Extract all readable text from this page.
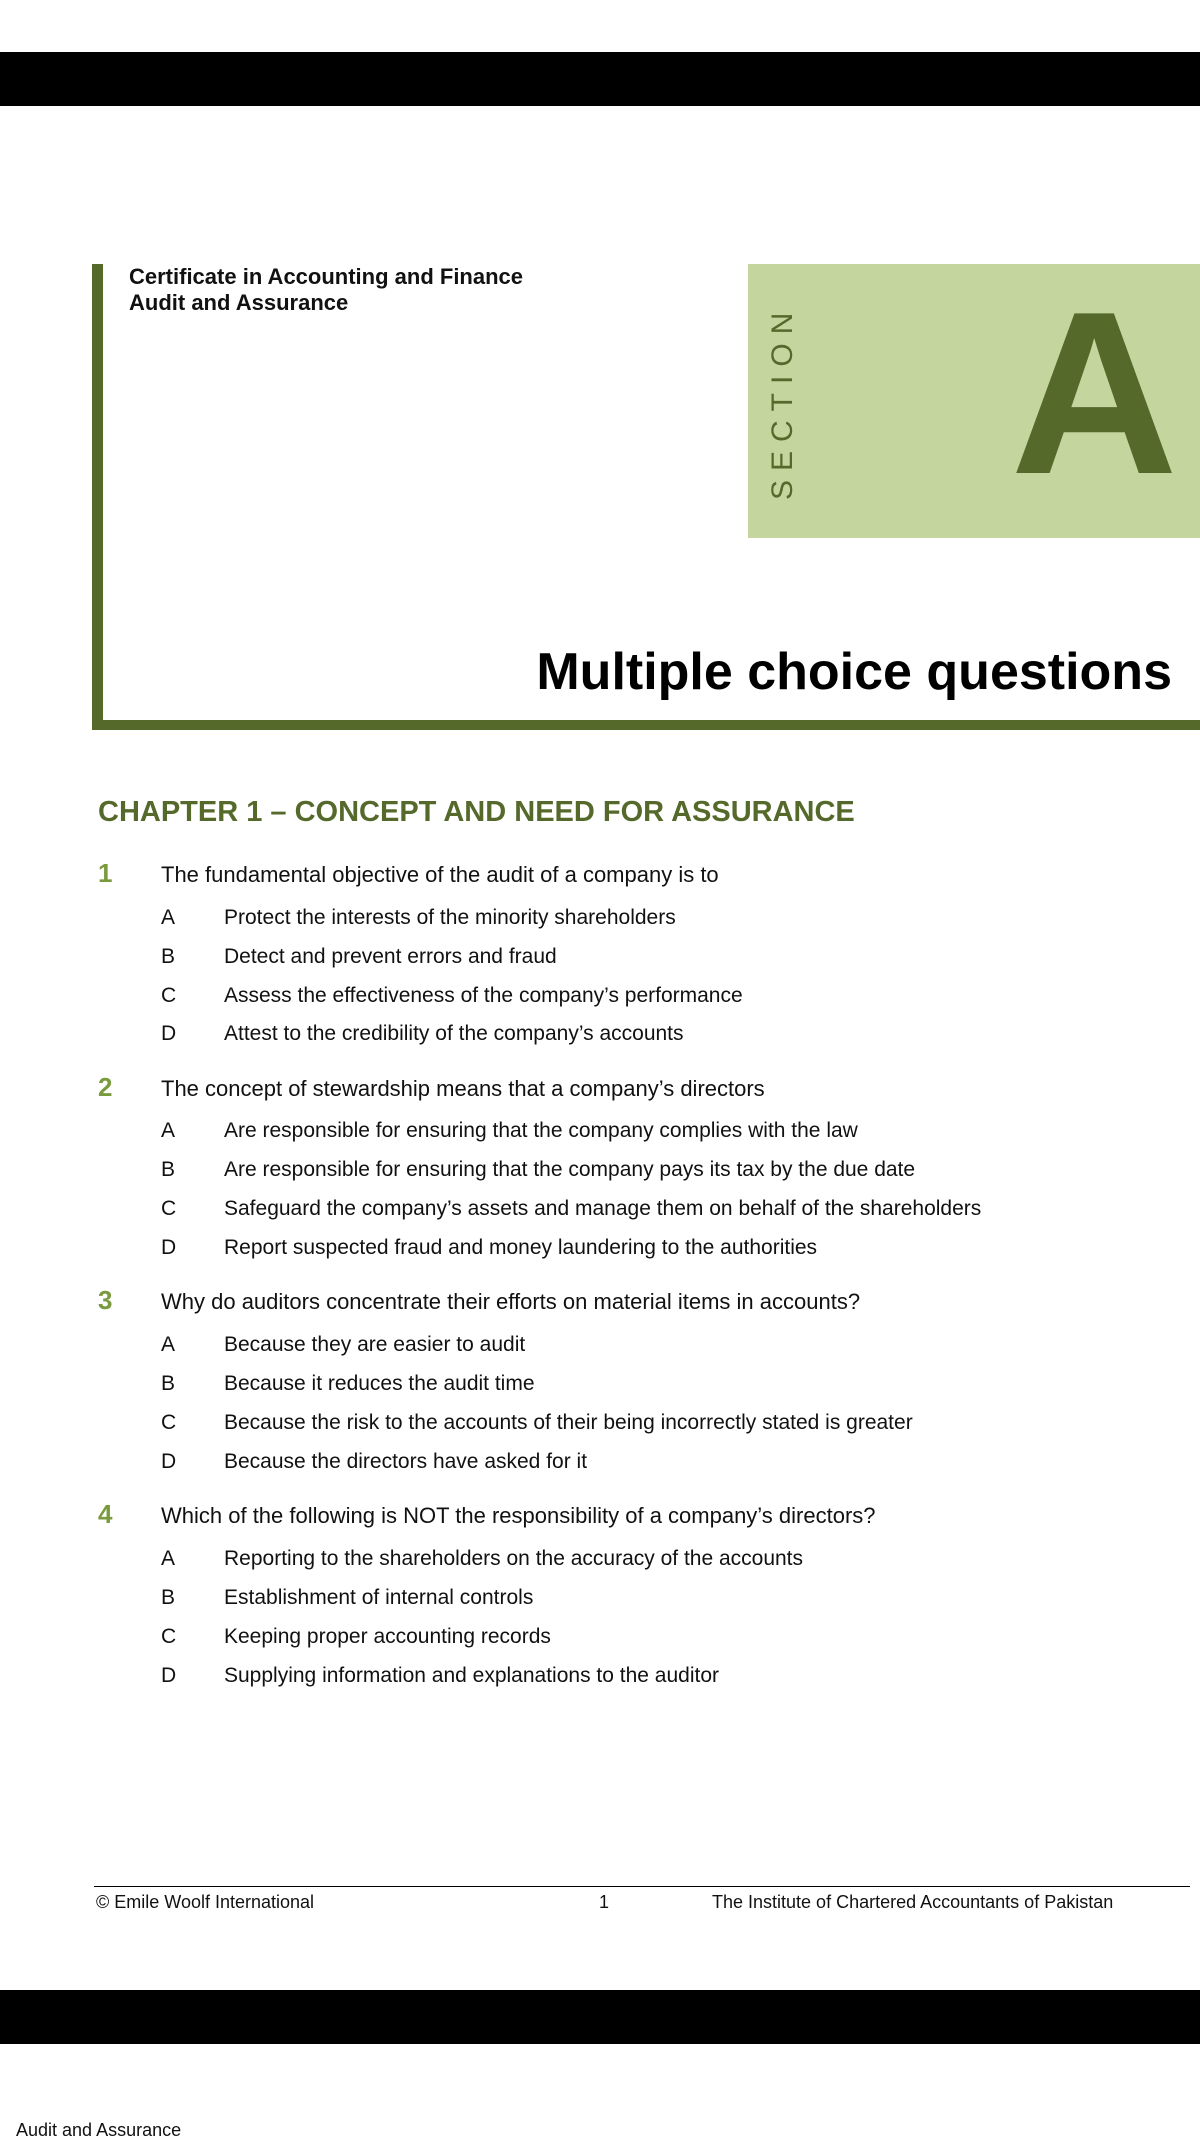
Certificate in Accounting and Finance
Audit and Assurance
SECTION A
Multiple choice questions
CHAPTER 1 – CONCEPT AND NEED FOR ASSURANCE
1 The fundamental objective of the audit of a company is to
A Protect the interests of the minority shareholders
B Detect and prevent errors and fraud
C Assess the effectiveness of the company’s performance
D Attest to the credibility of the company’s accounts
2 The concept of stewardship means that a company’s directors
A Are responsible for ensuring that the company complies with the law
B Are responsible for ensuring that the company pays its tax by the due date
C Safeguard the company’s assets and manage them on behalf of the shareholders
D Report suspected fraud and money laundering to the authorities
3 Why do auditors concentrate their efforts on material items in accounts?
A Because they are easier to audit
B Because it reduces the audit time
C Because the risk to the accounts of their being incorrectly stated is greater
D Because the directors have asked for it
4 Which of the following is NOT the responsibility of a company’s directors?
A Reporting to the shareholders on the accuracy of the accounts
B Establishment of internal controls
C Keeping proper accounting records
D Supplying information and explanations to the auditor
© Emile Woolf International	1	The Institute of Chartered Accountants of Pakistan
Audit and Assurance
